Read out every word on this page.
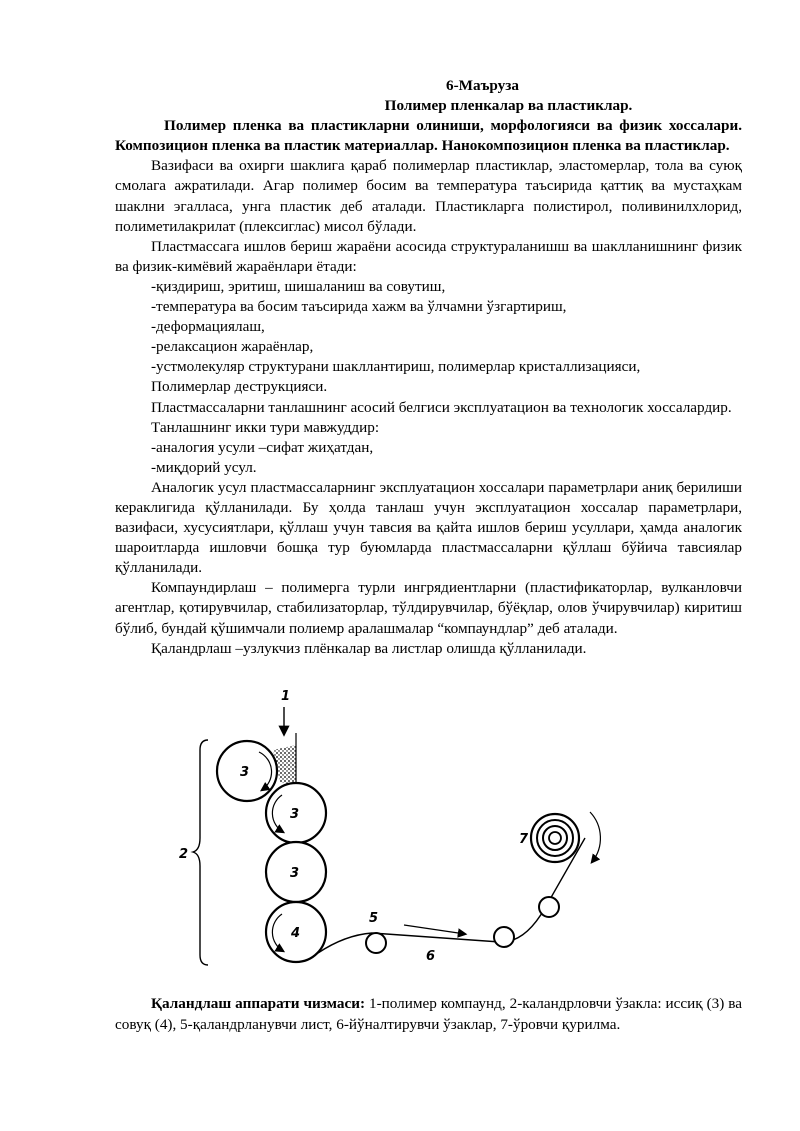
6-Маъруза
Полимер пленкалар ва пластиклар.
Полимер пленка ва пластикларни олиниши, морфологияси ва физик хоссалари. Композицион пленка ва пластик материаллар. Нанокомпозицион пленка ва пластиклар.
Вазифаси ва охирги шаклига қараб полимерлар пластиклар, эластомерлар, тола ва суюқ смолага ажратилади. Агар полимер босим ва температура таъсирида қаттиқ ва мустаҳкам шаклни эгалласа, унга пластик деб аталади. Пластикларга полистирол, поливинилхлорид, полиметилакрилат (плексиглас) мисол бўлади.
Пластмассага ишлов бериш жараёни асосида структураланишш ва шаклланишнинг физик ва физик-кимёвий жараёнлари ётади:
-қиздириш, эритиш, шишаланиш ва совутиш,
-температура ва босим таъсирида хажм ва ўлчамни ўзгартириш,
-деформациялаш,
-релаксацион жараёнлар,
-устмолекуляр структурани шакллантириш, полимерлар кристаллизацияси,
Полимерлар деструкцияси.
Пластмассаларни танлашнинг асосий белгиси эксплуатацион ва технологик хоссалардир.
Танлашнинг икки тури мавжуддир:
-аналогия усули –сифат жиҳатдан,
-миқдорий усул.
Аналогик усул пластмассаларнинг эксплуатацион хоссалари параметрлари аниқ берилиши кераклигида қўлланилади. Бу ҳолда танлаш учун эксплуатацион хоссалар параметрлари, вазифаси, хусусиятлари, қўллаш учун тавсия ва қайта ишлов бериш усуллари, ҳамда аналогик шароитларда ишловчи бошқа тур буюмларда пластмассаларни қўллаш бўйича тавсиялар қўлланилади.
Компаундирлаш – полимерга турли ингрядиентларни (пластификаторлар, вулканловчи агентлар, қотирувчилар, стабилизаторлар, тўлдирувчилар, бўёқлар, олов ўчирувчилар) киритиш бўлиб, бундай қўшимчали полиемр аралашмалар “компаундлар” деб аталади.
Қаландрлаш –узлукчиз плёнкалар ва листлар олишда қўлланилади.
1
2
3
3
3
4
5
6
7
Қаландлаш аппарати чизмаси: 1-полимер компаунд, 2-каландрловчи ўзакла: иссиқ (3) ва совуқ (4), 5-қаландрланувчи лист, 6-йўналтирувчи ўзаклар, 7-ўровчи қурилма.
